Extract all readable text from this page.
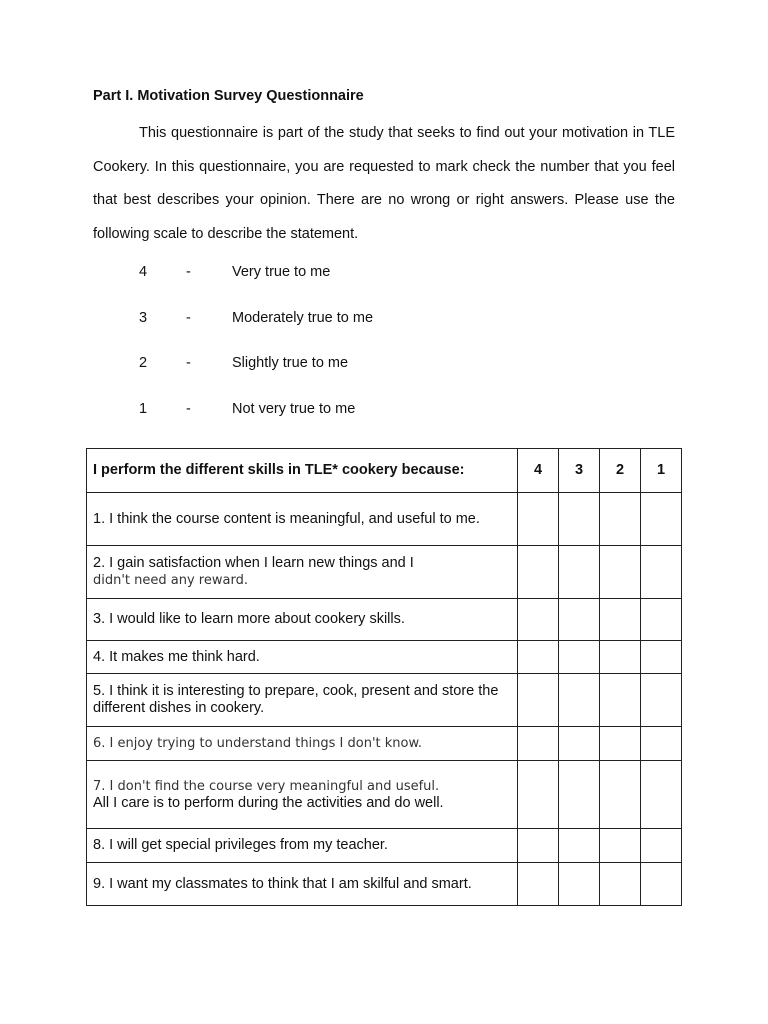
Part I. Motivation Survey Questionnaire
This questionnaire is part of the study that seeks to find out your motivation in TLE Cookery. In this questionnaire, you are requested to mark check the number that you feel that best describes your opinion. There are no wrong or right answers. Please use the following scale to describe the statement.
4	-	Very true to me
3	-	Moderately true to me
2	-	Slightly true to me
1	-	Not very true to me
I perform the different skills in TLE* cookery because:	4	3	2	1
1. I think the course content is meaningful, and useful to me.				
2. I gain satisfaction when I learn new things and I
didn't need any reward.				
3. I would like to learn more about cookery skills.				
4. It makes me think hard.				
5. I think it is interesting to prepare, cook, present and store the different dishes in cookery.				
6. I enjoy trying to understand things I don't know.				
7. I don't find the course very meaningful and useful.
All I care is to perform during the activities and do well.				
8. I will get special privileges from my teacher.				
9. I want my classmates to think that I am skilful and smart.				
